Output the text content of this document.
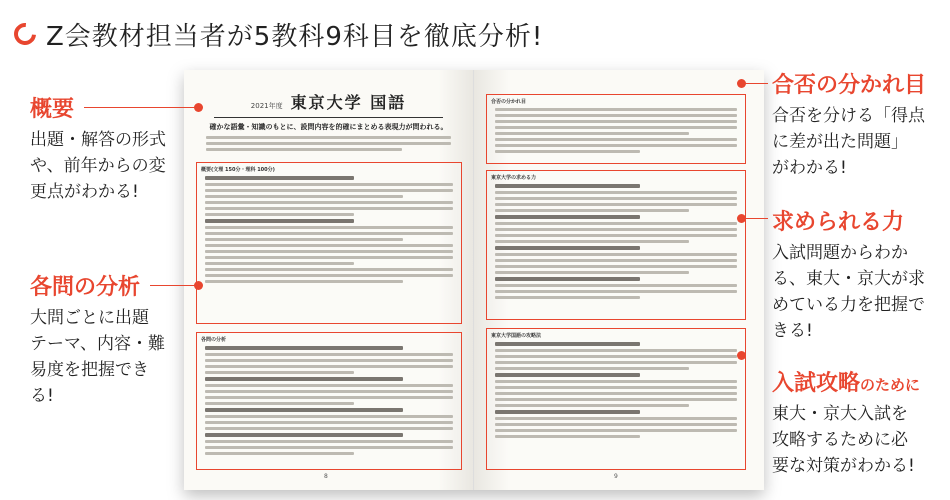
Z会教材担当者が5教科9科目を徹底分析!
2021年度 東京大学 国語
確かな語彙・知識のもとに、設問内容を的確にまとめる表現力が問われる。
概要(文理 150分・理科 100分)
各問の分析
8
合否の分かれ目
東京大学の求める力
東京大学国語の攻略法
9
概要
出題・解答の形式
や、前年からの変
更点がわかる!
各問の分析
大問ごとに出題
テーマ、内容・難
易度を把握でき
る!
合否の分かれ目
合否を分ける「得点
に差が出た問題」
がわかる!
求められる力
入試問題からわか
る、東大・京大が求
めている力を把握で
きる!
入試攻略のために
東大・京大入試を
攻略するために必
要な対策がわかる!
